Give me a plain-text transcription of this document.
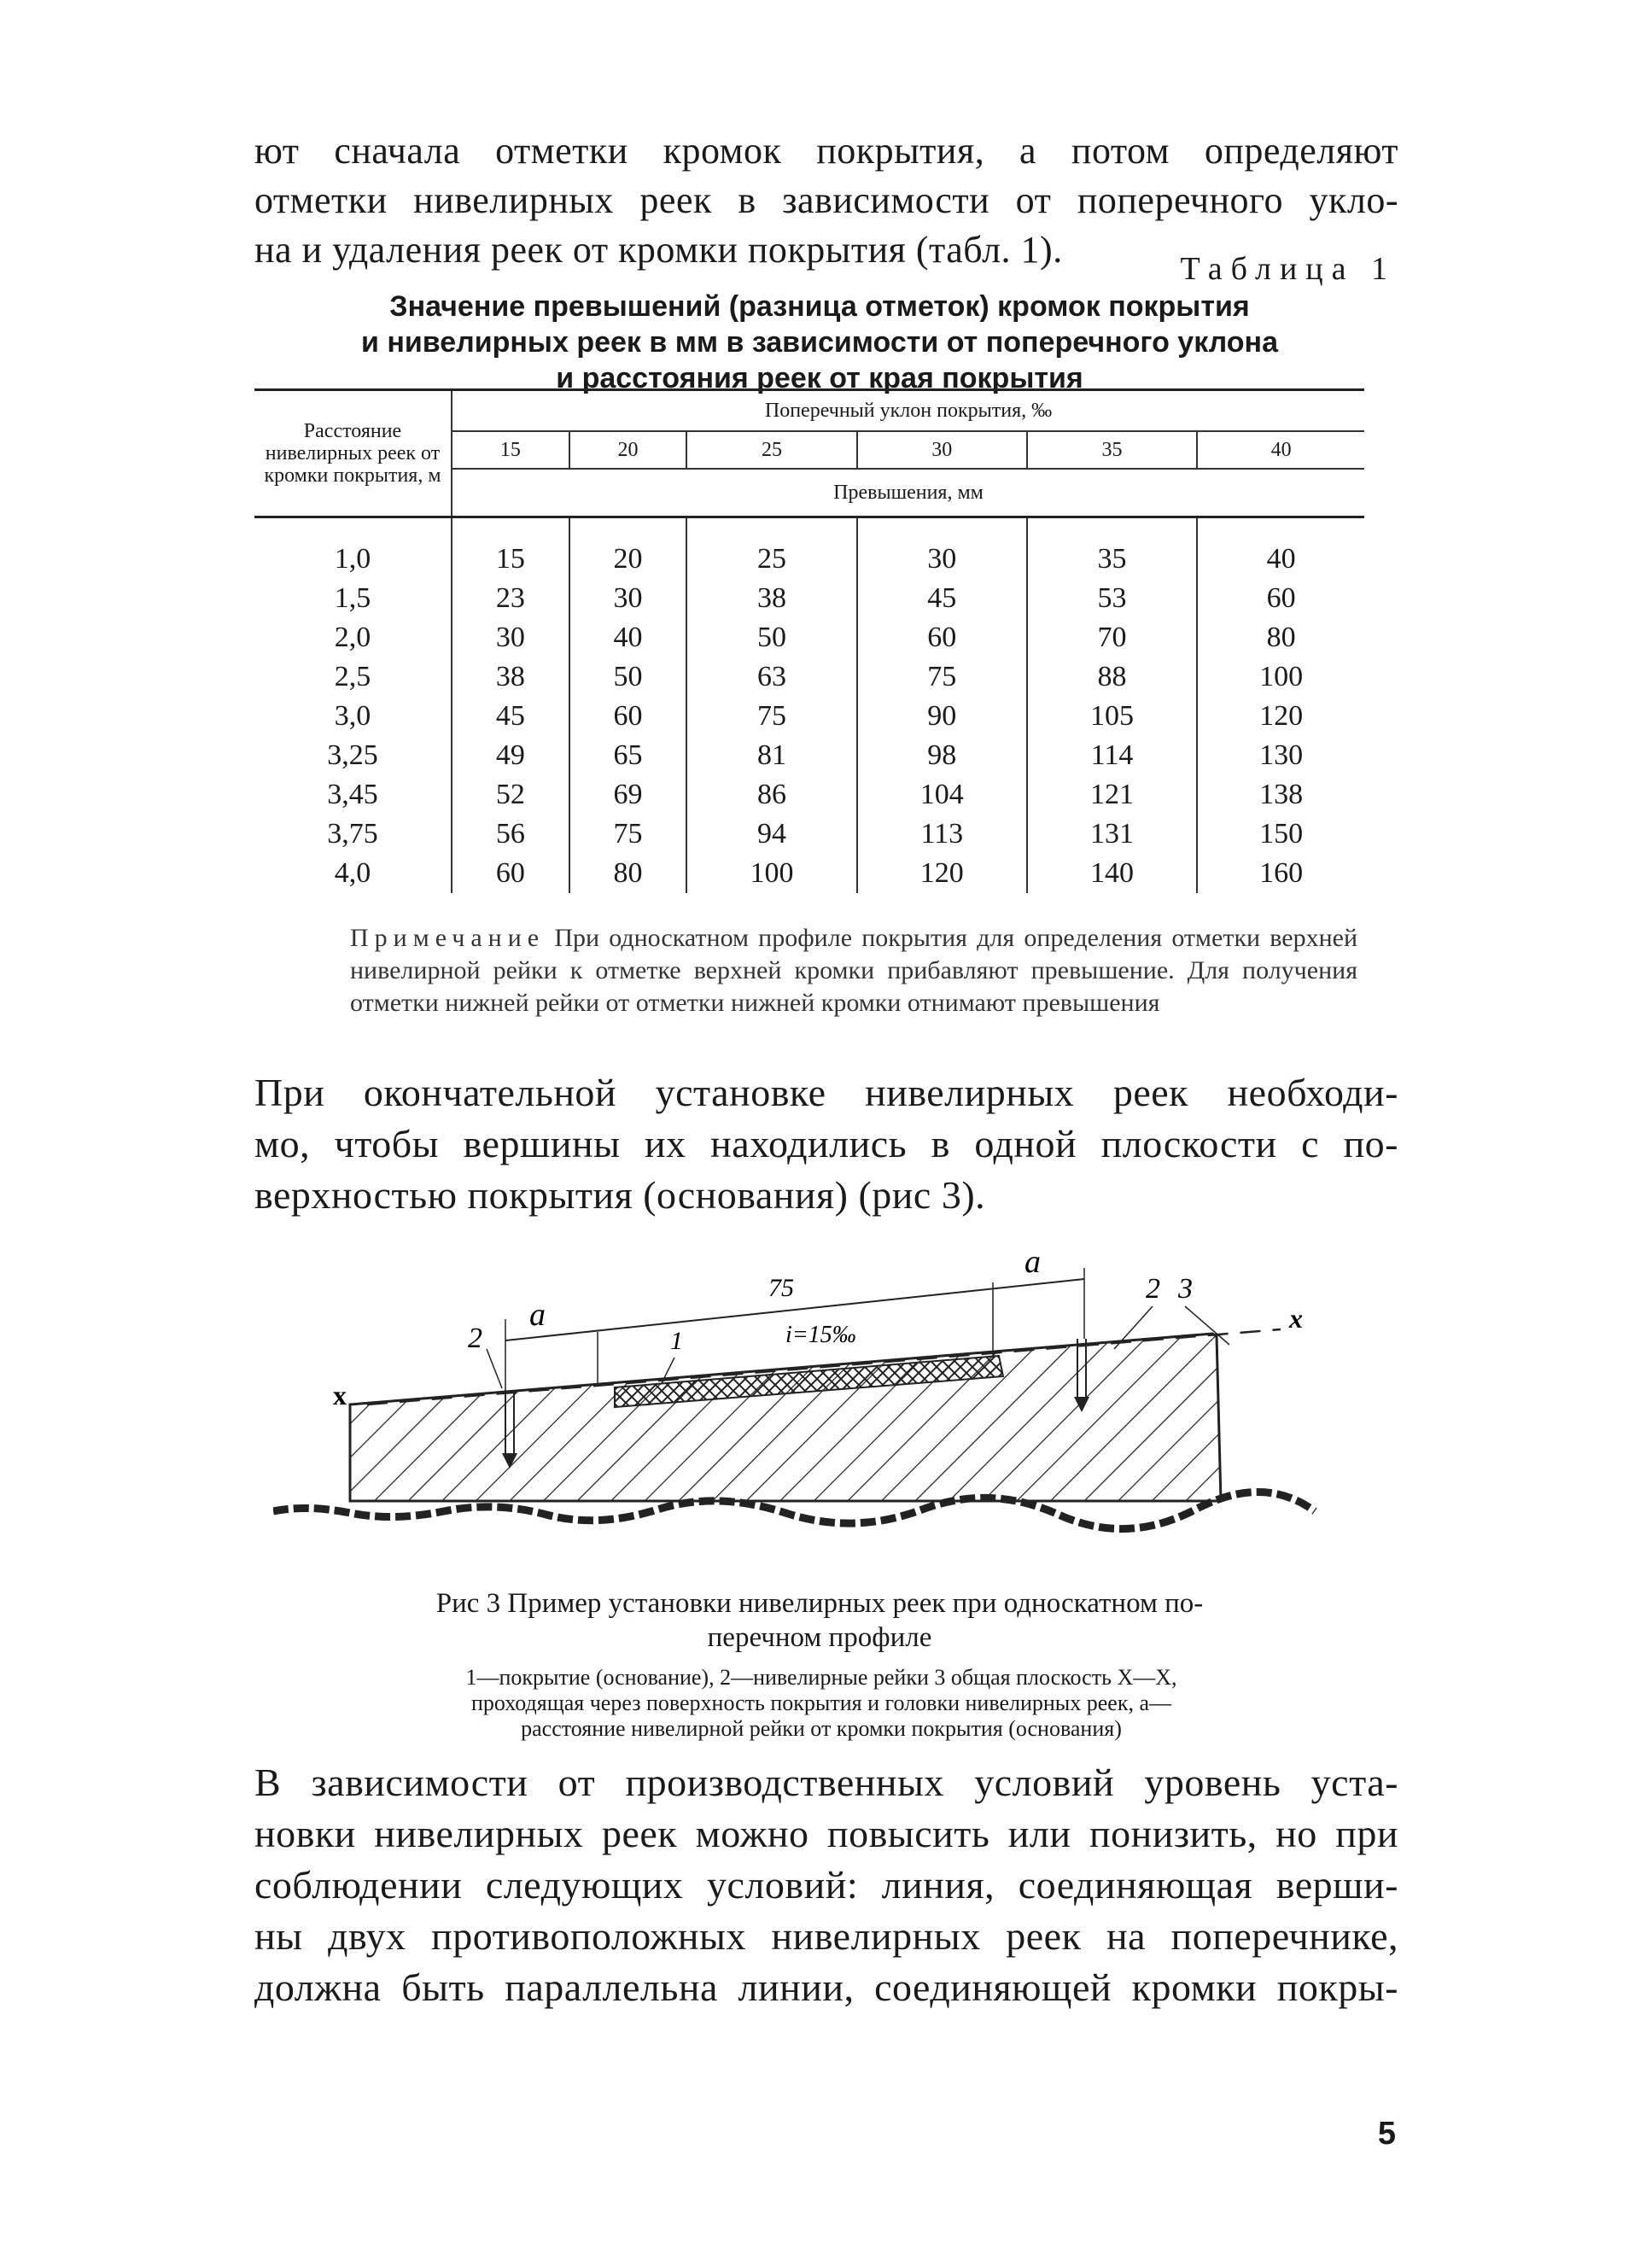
ют сначала отметки кромок покрытия, а потом определяют
отметки нивелирных реек в зависимости от поперечного укло-
на и удаления реек от кромки покрытия (табл. 1).	Таблица 1
Значение превышений (разница отметок) кромок покрытия
и нивелирных реек в мм в зависимости от поперечного уклона
и расстояния реек от края покрытия
Расстояние нивелирных реек от кромки покрытия, м	Поперечный уклон покрытия, ‰					
	15	20	25	30	35	40
	Превышения, мм					
1,0	15	20	25	30	35	40
1,5	23	30	38	45	53	60
2,0	30	40	50	60	70	80
2,5	38	50	63	75	88	100
3,0	45	60	75	90	105	120
3,25	49	65	81	98	114	130
3,45	52	69	86	104	121	138
3,75	56	75	94	113	131	150
4,0	60	80	100	120	140	160

Примечание При односкатном профиле покрытия для определения отметки верхней нивелирной рейки к отметке верхней кромки прибавляют превышение. Для получения отметки нижней рейки от отметки нижней кромки отнимают превышения

При окончательной установке нивелирных реек необходи-
мо, чтобы вершины их находились в одной плоскости с по-
верхностью покрытия (основания) (рис 3).
75
a
a
i=15‰
1
2
2 3
x
x
Рис 3 Пример установки нивелирных реек при односкатном по-
перечном профиле
1—покрытие (основание), 2—нивелирные рейки 3 общая плоскость X—X,
проходящая через поверхность покрытия и головки нивелирных реек, a—
расстояние нивелирной рейки от кромки покрытия (основания)
В зависимости от производственных условий уровень уста-
новки нивелирных реек можно повысить или понизить, но при
соблюдении следующих условий: линия, соединяющая верши-
ны двух противоположных нивелирных реек на поперечнике,
должна быть параллельна линии, соединяющей кромки покры-
5
